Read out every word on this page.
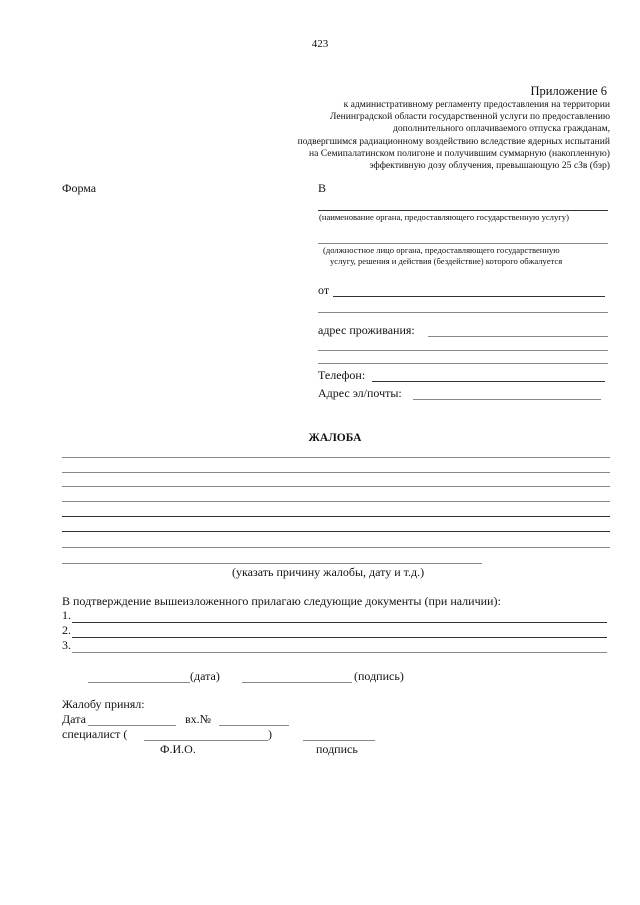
423
Приложение 6
к административному регламенту предоставления на территории
Ленинградской области государственной услуги по предоставлению
дополнительного оплачиваемого отпуска гражданам,
подвергшимся радиационному воздействию вследствие ядерных испытаний
на Семипалатинском полигоне и получившим суммарную (накопленную)
эффективную дозу облучения, превышающую 25 сЗв (бэр)
Форма	В
(наименование органа, предоставляющего государственную услугу)
(должностное лицо органа, предоставляющего государственную
услугу, решения и действия (бездействие) которого обжалуется
от
адрес проживания:
Телефон:
Адрес эл/почты:
ЖАЛОБА
(указать причину жалобы, дату и т.д.)
В подтверждение вышеизложенного прилагаю следующие документы (при наличии):
1.
2.
3.
(дата)	(подпись)
Жалобу принял:
Дата	вх.№
специалист (	)
Ф.И.О.	подпись
